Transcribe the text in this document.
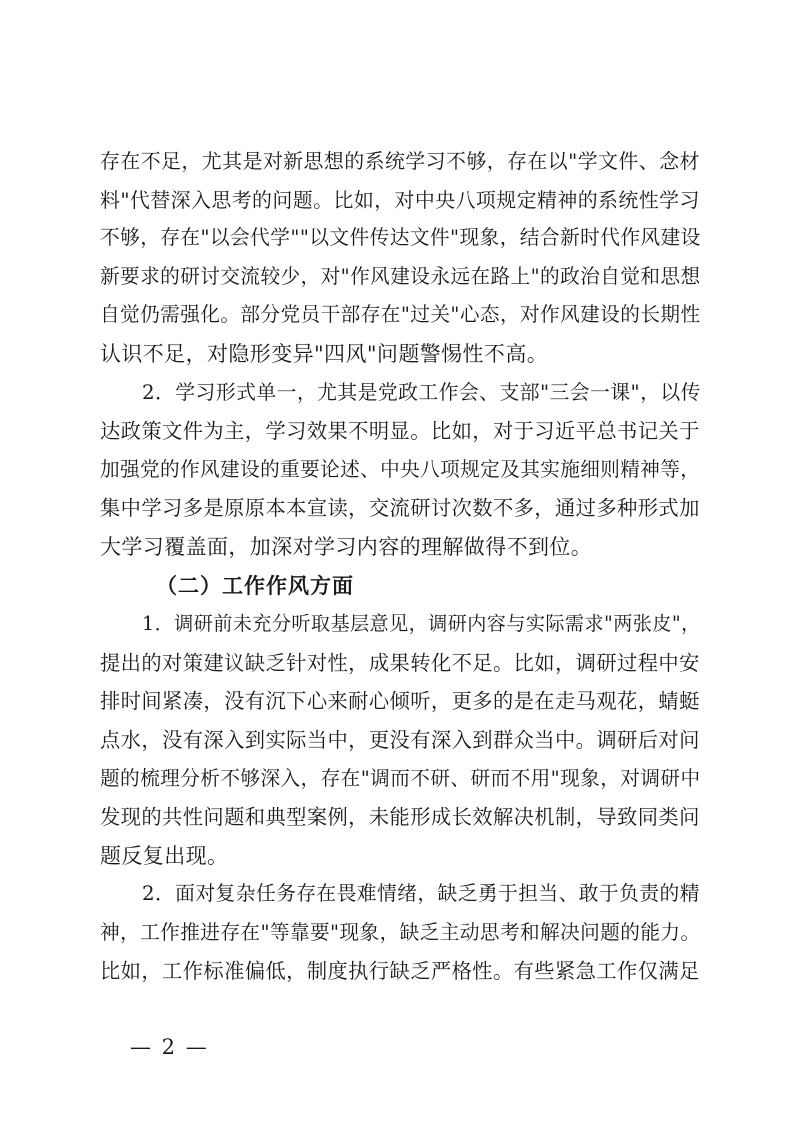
存在不足，尤其是对新思想的系统学习不够，存在以"学文件、念材
料"代替深入思考的问题。比如，对中央八项规定精神的系统性学习
不够，存在"以会代学""以文件传达文件"现象，结合新时代作风建设
新要求的研讨交流较少，对"作风建设永远在路上"的政治自觉和思想
自觉仍需强化。部分党员干部存在"过关"心态，对作风建设的长期性
认识不足，对隐形变异"四风"问题警惕性不高。
2．学习形式单一，尤其是党政工作会、支部"三会一课"，以传
达政策文件为主，学习效果不明显。比如，对于习近平总书记关于
加强党的作风建设的重要论述、中央八项规定及其实施细则精神等，
集中学习多是原原本本宣读，交流研讨次数不多，通过多种形式加
大学习覆盖面，加深对学习内容的理解做得不到位。
（二）工作作风方面
1．调研前未充分听取基层意见，调研内容与实际需求"两张皮"，
提出的对策建议缺乏针对性，成果转化不足。比如，调研过程中安
排时间紧凑，没有沉下心来耐心倾听，更多的是在走马观花，蜻蜓
点水，没有深入到实际当中，更没有深入到群众当中。调研后对问
题的梳理分析不够深入，存在"调而不研、研而不用"现象，对调研中
发现的共性问题和典型案例，未能形成长效解决机制，导致同类问
题反复出现。
2．面对复杂任务存在畏难情绪，缺乏勇于担当、敢于负责的精
神，工作推进存在"等靠要"现象，缺乏主动思考和解决问题的能力。
比如，工作标准偏低，制度执行缺乏严格性。有些紧急工作仅满足
— 2 —
